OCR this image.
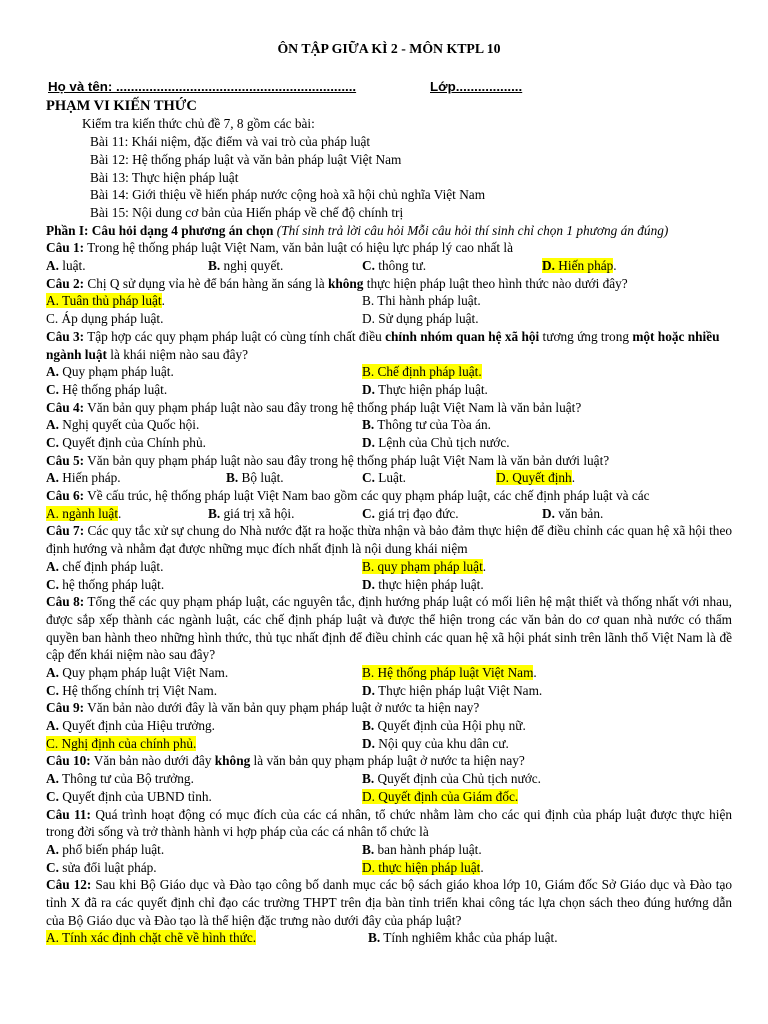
ÔN TẬP GIỮA KÌ 2 - MÔN KTPL 10
Họ và tên: .................................................................	Lớp..................
PHẠM VI KIẾN THỨC
Kiểm tra kiến thức chủ đề 7, 8 gồm các bài:
Bài 11: Khái niệm, đặc điểm và vai trò của pháp luật
Bài 12: Hệ thống pháp luật và văn bản pháp luật Việt Nam
Bài 13: Thực hiện pháp luật
Bài 14: Giới thiệu về hiến pháp nước cộng hoà xã hội chủ nghĩa Việt Nam
Bài 15: Nội dung cơ bản của Hiến pháp về chế độ chính trị
Phần I: Câu hỏi dạng 4 phương án chọn (Thí sinh trả lời câu hỏi Mỗi câu hỏi thí sinh chỉ chọn 1 phương án đúng)
Câu 1: Trong hệ thống pháp luật Việt Nam, văn bản luật có hiệu lực pháp lý cao nhất là
A. luật.	B. nghị quyết.	C. thông tư.	D. Hiến pháp.
Câu 2: Chị Q sử dụng vỉa hè để bán hàng ăn sáng là không thực hiện pháp luật theo hình thức nào dưới đây?
A. Tuân thủ pháp luật.	B. Thi hành pháp luật.
C. Áp dụng pháp luật.	D. Sử dụng pháp luật.
Câu 3: Tập hợp các quy phạm pháp luật có cùng tính chất điều chỉnh nhóm quan hệ xã hội tương ứng trong một hoặc nhiều ngành luật là khái niệm nào sau đây?
A. Quy phạm pháp luật.	B. Chế định pháp luật.
C. Hệ thống pháp luật.	D. Thực hiện pháp luật.
Câu 4: Văn bản quy phạm pháp luật nào sau đây trong hệ thống pháp luật Việt Nam là văn bản luật?
A. Nghị quyết của Quốc hội.	B. Thông tư của Tòa án.
C. Quyết định của Chính phủ.	D. Lệnh của Chủ tịch nước.
Câu 5: Văn bản quy phạm pháp luật nào sau đây trong hệ thống pháp luật Việt Nam là văn bản dưới luật?
A. Hiến pháp.	B. Bộ luật.	C. Luật.	D. Quyết định.
Câu 6: Về cấu trúc, hệ thống pháp luật Việt Nam bao gồm các quy phạm pháp luật, các chế định pháp luật và các
A. ngành luật.	B. giá trị xã hội.	C. giá trị đạo đức.	D. văn bản.
Câu 7: Các quy tắc xử sự chung do Nhà nước đặt ra hoặc thừa nhận và bảo đảm thực hiện để điều chỉnh các quan hệ xã hội theo định hướng và nhằm đạt được những mục đích nhất định là nội dung khái niệm
A. chế định pháp luật.	B. quy phạm pháp luật.
C. hệ thống pháp luật.	D. thực hiện pháp luật.
Câu 8: Tổng thể các quy phạm pháp luật, các nguyên tắc, định hướng pháp luật có mối liên hệ mật thiết và thống nhất với nhau, được sắp xếp thành các ngành luật, các chế định pháp luật và được thể hiện trong các văn bản do cơ quan nhà nước có thẩm quyền ban hành theo những hình thức, thủ tục nhất định để điều chỉnh các quan hệ xã hội phát sinh trên lãnh thổ Việt Nam là đề cập đến khái niệm nào sau đây?
A. Quy phạm pháp luật Việt Nam.	B. Hệ thống pháp luật Việt Nam.
C. Hệ thống chính trị Việt Nam.	D. Thực hiện pháp luật Việt Nam.
Câu 9: Văn bản nào dưới đây là văn bản quy phạm pháp luật ở nước ta hiện nay?
A. Quyết định của Hiệu trưởng.	B. Quyết định của Hội phụ nữ.
C. Nghị định của chính phủ.	D. Nội quy của khu dân cư.
Câu 10: Văn bản nào dưới đây không là văn bản quy phạm pháp luật ở nước ta hiện nay?
A. Thông tư của Bộ trưởng.	B. Quyết định của Chủ tịch nước.
C. Quyết định của UBND tỉnh.	D. Quyết định của Giám đốc.
Câu 11: Quá trình hoạt động có mục đích của các cá nhân, tổ chức nhằm làm cho các qui định của pháp luật được thực hiện trong đời sống và trở thành hành vi hợp pháp của các cá nhân tổ chức là
A. phổ biến pháp luật.	B. ban hành pháp luật.
C. sửa đổi luật pháp.	D. thực hiện pháp luật.
Câu 12: Sau khi Bộ Giáo dục và Đào tạo công bố danh mục các bộ sách giáo khoa lớp 10, Giám đốc Sở Giáo dục và Đào tạo tỉnh X đã ra các quyết định chỉ đạo các trường THPT trên địa bàn tỉnh triển khai công tác lựa chọn sách theo đúng hướng dẫn của Bộ Giáo dục và Đào tạo là thể hiện đặc trưng nào dưới đây của pháp luật?
A. Tính xác định chặt chẽ về hình thức.	B. Tính nghiêm khắc của pháp luật.
